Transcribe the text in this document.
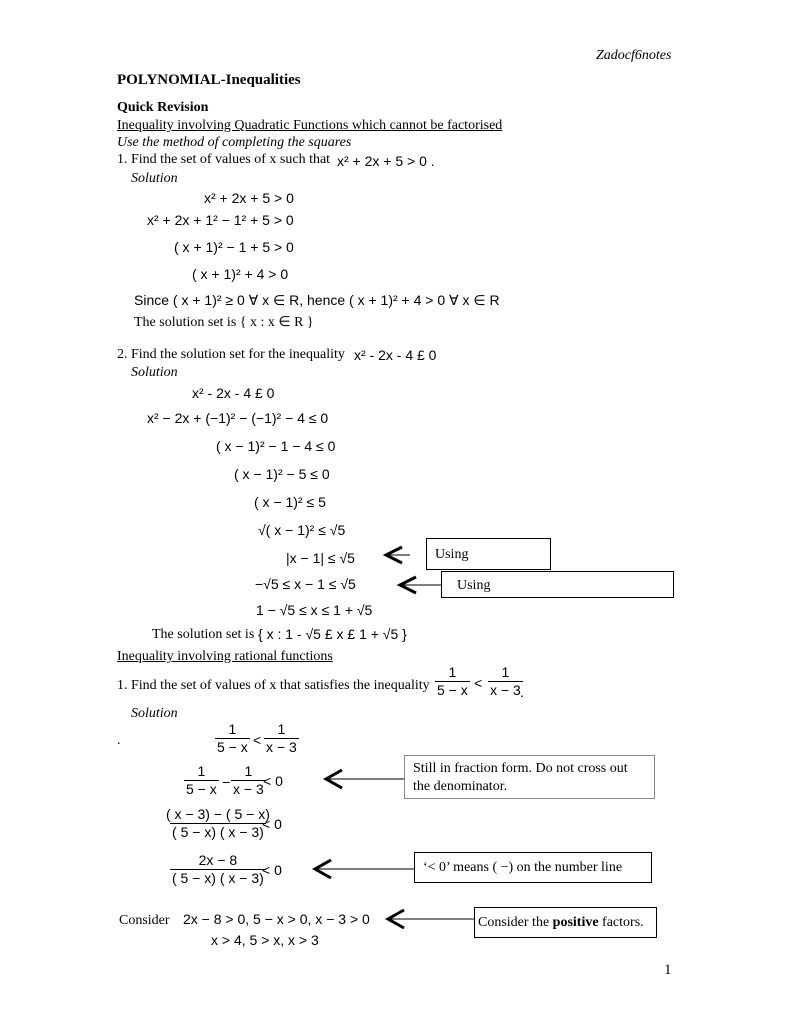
Zadocf6notes
POLYNOMIAL-Inequalities
Quick Revision
Inequality involving Quadratic Functions which cannot be factorised
Use the method of completing the squares
1. Find the set of values of x such that x² + 2x + 5 > 0 .
Solution
x² + 2x + 5 > 0
x² + 2x + 1² − 1² + 5 > 0
( x + 1)² − 1 + 5 > 0
( x + 1)² + 4 > 0
Since ( x + 1)² ≥ 0 ∀ x ∈ R, hence ( x + 1)² + 4 > 0 ∀ x ∈ R
The solution set is { x : x ∈ R }
2. Find the solution set for the inequality x² - 2x - 4 £ 0
Solution
x² - 2x - 4 £ 0
x² − 2x + (−1)² − (−1)² − 4 ≤ 0
( x − 1)² − 1 − 4 ≤ 0
( x − 1)² − 5 ≤ 0
( x − 1)² ≤ 5
√( x − 1)² ≤ √5
|x − 1| ≤ √5
−√5 ≤ x − 1 ≤ √5
1 − √5 ≤ x ≤ 1 + √5
The solution set is { x : 1 - √5 £ x £ 1 + √5 }
Using
Using
Inequality involving rational functions
1. Find the set of values of x that satisfies the inequality $\frac{1}{5 - x} < \frac{1}{x - 3}$
.
Solution
.	$\frac{1}{5 - x} < \frac{1}{x - 3}$
$\frac{1}{5 - x} - \frac{1}{x - 3}$
< 0
$\frac{( x - 3) - ( 5 - x)}{( 5 - x) ( x - 3)}$
< 0
$\frac{2x - 8}{( 5 - x) ( x - 3)}$
< 0
Still in fraction form. Do not cross out the denominator.
‘< 0’ means ( −) on the number line
Consider 2x − 8 > 0, 5 − x > 0, x − 3 > 0
x > 4, 5 > x, x > 3
Consider the positive factors.
1
